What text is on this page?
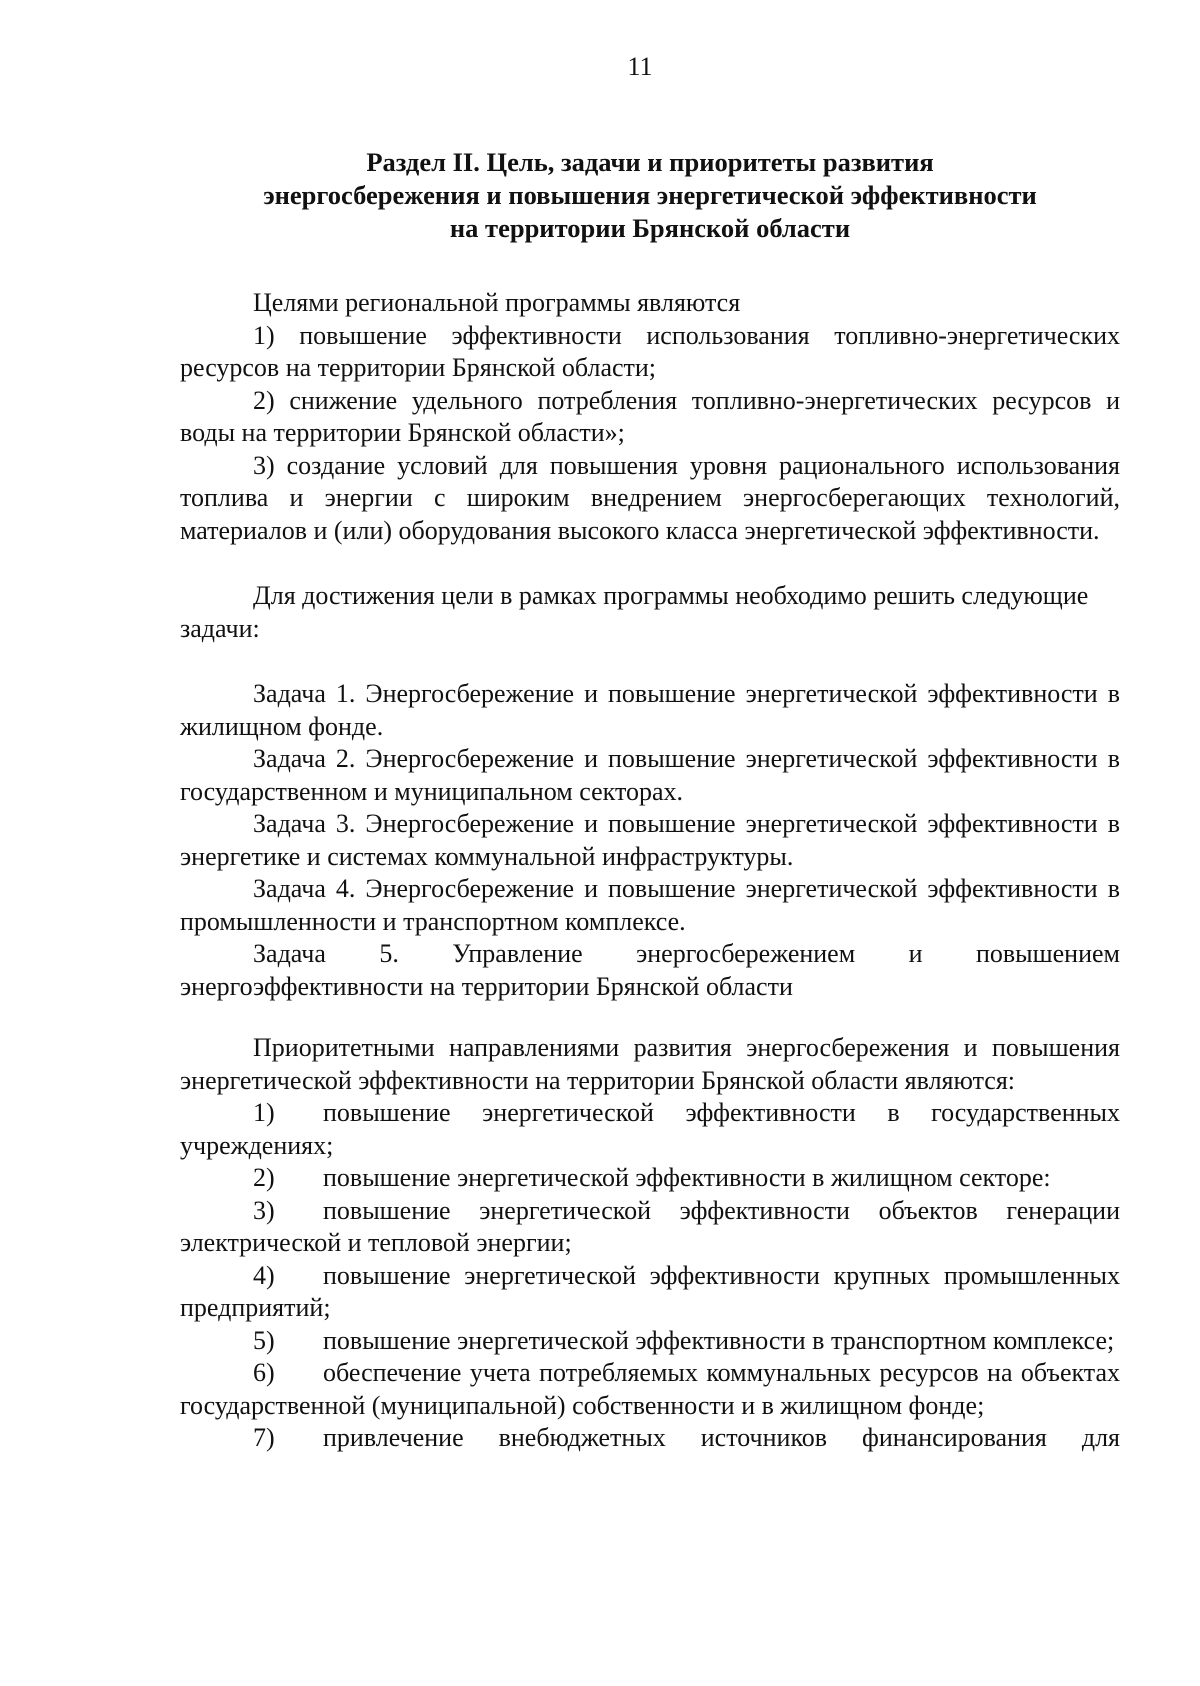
11
Раздел II. Цель, задачи и приоритеты развития
энергосбережения и повышения энергетической эффективности
на территории Брянской области

Целями региональной программы являются

1) повышение эффективности использования топливно-энергетических ресурсов на территории Брянской области;

2) снижение удельного потребления топливно-энергетических ресурсов и воды на территории Брянской области»;

3) создание условий для повышения уровня рационального использования топлива и энергии с широким внедрением энергосберегающих технологий, материалов и (или) оборудования высокого класса энергетической эффективности.

Для достижения цели в рамках программы необходимо решить следующие задачи:

Задача 1. Энергосбережение и повышение энергетической эффективности в жилищном фонде.

Задача 2. Энергосбережение и повышение энергетической эффективности в государственном и муниципальном секторах.

Задача 3. Энергосбережение и повышение энергетической эффективности в энергетике и системах коммунальной инфраструктуры.

Задача 4. Энергосбережение и повышение энергетической эффективности в промышленности и транспортном комплексе.

Задача 5. Управление энергосбережением и повышением энергоэффективности на территории Брянской области

Приоритетными направлениями развития энергосбережения и повышения энергетической эффективности на территории Брянской области являются:

1) повышение энергетической эффективности в государственных учреждениях;

2) повышение энергетической эффективности в жилищном секторе:

3) повышение энергетической эффективности объектов генерации электрической и тепловой энергии;

4) повышение энергетической эффективности крупных промышленных предприятий;

5) повышение энергетической эффективности в транспортном комплексе;

6) обеспечение учета потребляемых коммунальных ресурсов на объектах государственной (муниципальной) собственности и в жилищном фонде;

7) привлечение внебюджетных источников финансирования для
